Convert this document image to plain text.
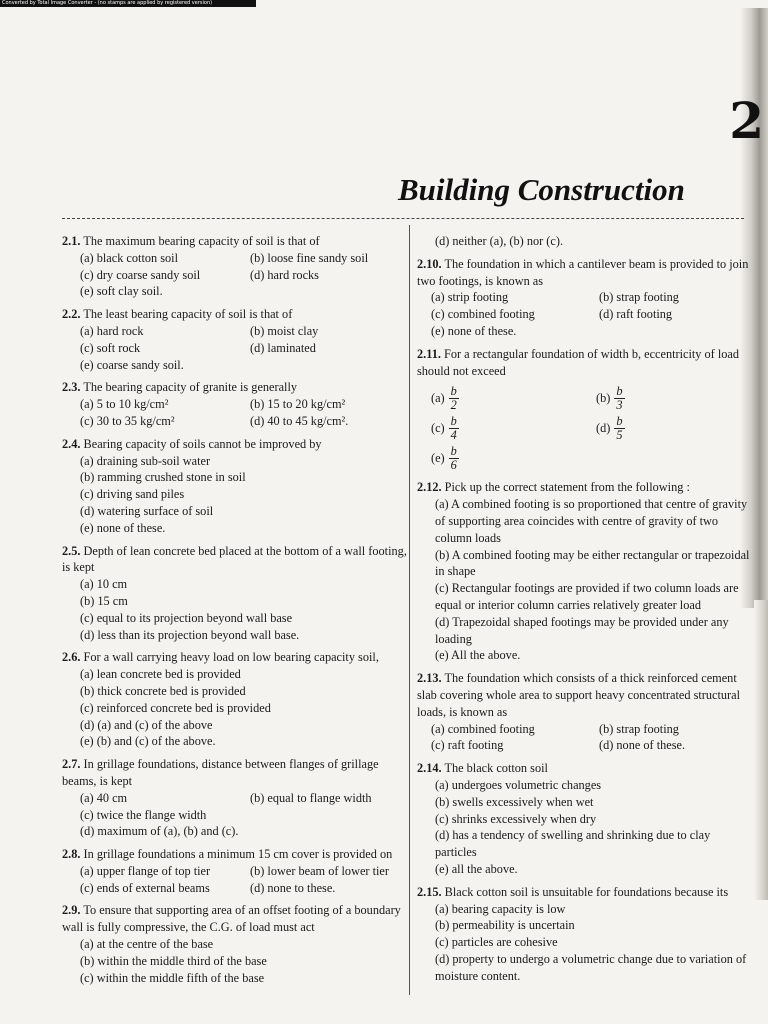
Converted by Total Image Converter - (no stamps are applied by registered version)
2
Building Construction
2.1. The maximum bearing capacity of soil is that of
(a) black cotton soil	(b) loose fine sandy soil
(c) dry coarse sandy soil	(d) hard rocks
(e) soft clay soil.
2.2. The least bearing capacity of soil is that of
(a) hard rock	(b) moist clay
(c) soft rock	(d) laminated
(e) coarse sandy soil.
2.3. The bearing capacity of granite is generally
(a) 5 to 10 kg/cm²	(b) 15 to 20 kg/cm²
(c) 30 to 35 kg/cm²	(d) 40 to 45 kg/cm².
2.4. Bearing capacity of soils cannot be improved by
(a) draining sub-soil water
(b) ramming crushed stone in soil
(c) driving sand piles
(d) watering surface of soil
(e) none of these.
2.5. Depth of lean concrete bed placed at the bottom of a wall footing, is kept
(a) 10 cm
(b) 15 cm
(c) equal to its projection beyond wall base
(d) less than its projection beyond wall base.
2.6. For a wall carrying heavy load on low bearing capacity soil,
(a) lean concrete bed is provided
(b) thick concrete bed is provided
(c) reinforced concrete bed is provided
(d) (a) and (c) of the above
(e) (b) and (c) of the above.
2.7. In grillage foundations, distance between flanges of grillage beams, is kept
(a) 40 cm	(b) equal to flange width
(c) twice the flange width
(d) maximum of (a), (b) and (c).
2.8. In grillage foundations a minimum 15 cm cover is provided on
(a) upper flange of top tier	(b) lower beam of lower tier
(c) ends of external beams	(d) none to these.
2.9. To ensure that supporting area of an offset footing of a boundary wall is fully compressive, the C.G. of load must act
(a) at the centre of the base
(b) within the middle third of the base
(c) within the middle fifth of the base
(d) neither (a), (b) nor (c).
2.10. The foundation in which a cantilever beam is provided to join two footings, is known as
(a) strip footing	(b) strap footing
(c) combined footing	(d) raft footing
(e) none of these.
2.11. For a rectangular foundation of width b, eccentricity of load should not exceed
$(a) \frac{b}{2}$	$(b) \frac{b}{3}$
$(c) \frac{b}{4}$	$(d) \frac{b}{5}$
$(e) \frac{b}{6}$
2.12. Pick up the correct statement from the following :
(a) A combined footing is so proportioned that centre of gravity of supporting area coincides with centre of gravity of two column loads
(b) A combined footing may be either rectangular or trapezoidal in shape
(c) Rectangular footings are provided if two column loads are equal or interior column carries relatively greater load
(d) Trapezoidal shaped footings may be provided under any loading
(e) All the above.
2.13. The foundation which consists of a thick reinforced cement slab covering whole area to support heavy concentrated structural loads, is known as
(a) combined footing	(b) strap footing
(c) raft footing	(d) none of these.
2.14. The black cotton soil
(a) undergoes volumetric changes
(b) swells excessively when wet
(c) shrinks excessively when dry
(d) has a tendency of swelling and shrinking due to clay particles
(e) all the above.
2.15. Black cotton soil is unsuitable for foundations because its
(a) bearing capacity is low
(b) permeability is uncertain
(c) particles are cohesive
(d) property to undergo a volumetric change due to variation of moisture content.
